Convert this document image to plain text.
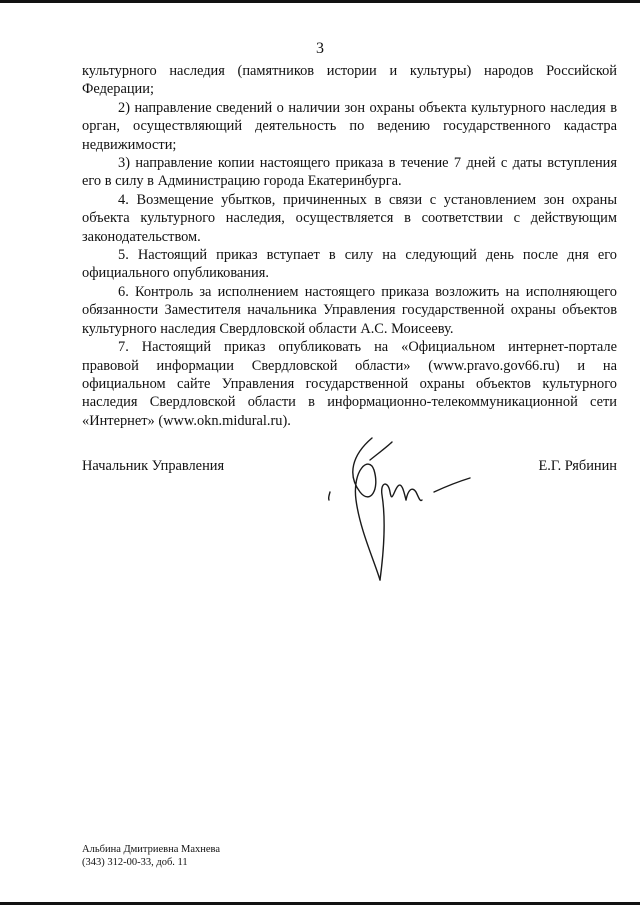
3

культурного наследия (памятников истории и культуры) народов Российской Федерации;

2) направление сведений о наличии зон охраны объекта культурного наследия в орган, осуществляющий деятельность по ведению государственного кадастра недвижимости;

3) направление копии настоящего приказа в течение 7 дней с даты вступления его в силу в Администрацию города Екатеринбурга.

4. Возмещение убытков, причиненных в связи с установлением зон охраны объекта культурного наследия, осуществляется в соответствии с действующим законодательством.

5. Настоящий приказ вступает в силу на следующий день после дня его официального опубликования.

6. Контроль за исполнением настоящего приказа возложить на исполняющего обязанности Заместителя начальника Управления государственной охраны объектов культурного наследия Свердловской области А.С. Моисееву.

7. Настоящий приказ опубликовать на «Официальном интернет-портале правовой информации Свердловской области» (www.pravo.gov66.ru) и на официальном сайте Управления государственной охраны объектов культурного наследия Свердловской области в информационно-телекоммуникационной сети «Интернет» (www.okn.midural.ru).

Начальник Управления	Е.Г. Рябинин
Альбина Дмитриевна Махнева
(343) 312-00-33, доб. 11
